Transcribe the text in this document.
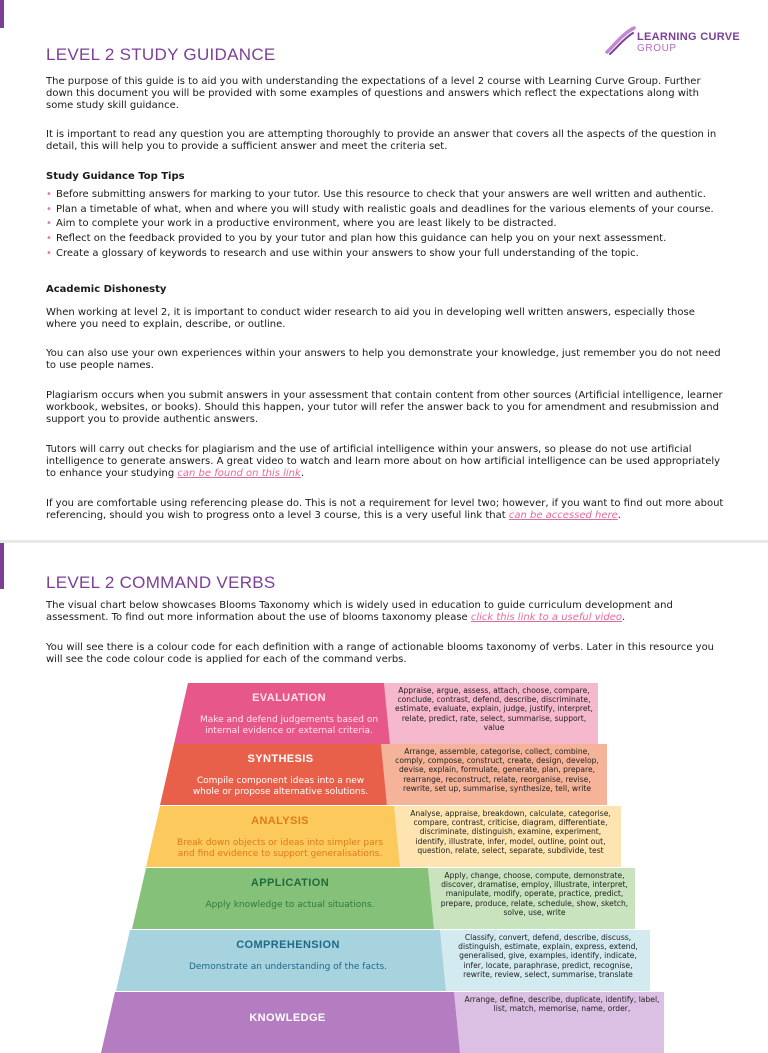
LEARNING CURVE
GROUP
LEVEL 2 STUDY GUIDANCE

The purpose of this guide is to aid you with understanding the expectations of a level 2 course with Learning Curve Group. Further down this document you will be provided with some examples of questions and answers which reflect the expectations along with some study skill guidance.

It is important to read any question you are attempting thoroughly to provide an answer that covers all the aspects of the question in detail, this will help you to provide a sufficient answer and meet the criteria set.

Study Guidance Top Tips

• Before submitting answers for marking to your tutor. Use this resource to check that your answers are well written and authentic.
• Plan a timetable of what, when and where you will study with realistic goals and deadlines for the various elements of your course.
• Aim to complete your work in a productive environment, where you are least likely to be distracted.
• Reflect on the feedback provided to you by your tutor and plan how this guidance can help you on your next assessment.
• Create a glossary of keywords to research and use within your answers to show your full understanding of the topic.

Academic Dishonesty

When working at level 2, it is important to conduct wider research to aid you in developing well written answers, especially those where you need to explain, describe, or outline.

You can also use your own experiences within your answers to help you demonstrate your knowledge, just remember you do not need to use people names.

Plagiarism occurs when you submit answers in your assessment that contain content from other sources (Artificial intelligence, learner workbook, websites, or books). Should this happen, your tutor will refer the answer back to you for amendment and resubmission and support you to provide authentic answers.

Tutors will carry out checks for plagiarism and the use of artificial intelligence within your answers, so please do not use artificial intelligence to generate answers. A great video to watch and learn more about on how artificial intelligence can be used appropriately to enhance your studying can be found on this link.

If you are comfortable using referencing please do. This is not a requirement for level two; however, if you want to find out more about referencing, should you wish to progress onto a level 3 course, this is a very useful link that can be accessed here.

LEVEL 2 COMMAND VERBS

The visual chart below showcases Blooms Taxonomy which is widely used in education to guide curriculum development and assessment. To find out more information about the use of blooms taxonomy please click this link to a useful video.

You will see there is a colour code for each definition with a range of actionable blooms taxonomy of verbs. Later in this resource you will see the code colour code is applied for each of the command verbs.

EVALUATION
Make and defend judgements based on internal evidence or external criteria.
Appraise, argue, assess, attach, choose, compare, conclude, contrast, defend, describe, discriminate, estimate, evaluate, explain, judge, justify, interpret, relate, predict, rate, select, summarise, support, value
SYNTHESIS
Compile component ideas into a new whole or propose alternative solutions.
Arrange, assemble, categorise, collect, combine, comply, compose, construct, create, design, develop, devise, explain, formulate, generate, plan, prepare, rearrange, reconstruct, relate, reorganise, revise, rewrite, set up, summarise, synthesize, tell, write
ANALYSIS
Break down objects or ideas into simpler pars and find evidence to support generalisations.
Analyse, appraise, breakdown, calculate, categorise, compare, contrast, criticise, diagram, differentiate, discriminate, distinguish, examine, experiment, identify, illustrate, infer, model, outline, point out, question, relate, select, separate, subdivide, test
APPLICATION
Apply knowledge to actual situations.
Apply, change, choose, compute, demonstrate, discover, dramatise, employ, illustrate, interpret, manipulate, modify, operate, practice, predict, prepare, produce, relate, schedule, show, sketch, solve, use, write
COMPREHENSION
Demonstrate an understanding of the facts.
Classify, convert, defend, describe, discuss, distinguish, estimate, explain, express, extend, generalised, give, examples, identify, indicate, infer, locate, paraphrase, predict, recognise, rewrite, review, select, summarise, translate
KNOWLEDGE
Arrange, define, describe, duplicate, identify, label, list, match, memorise, name, order,
